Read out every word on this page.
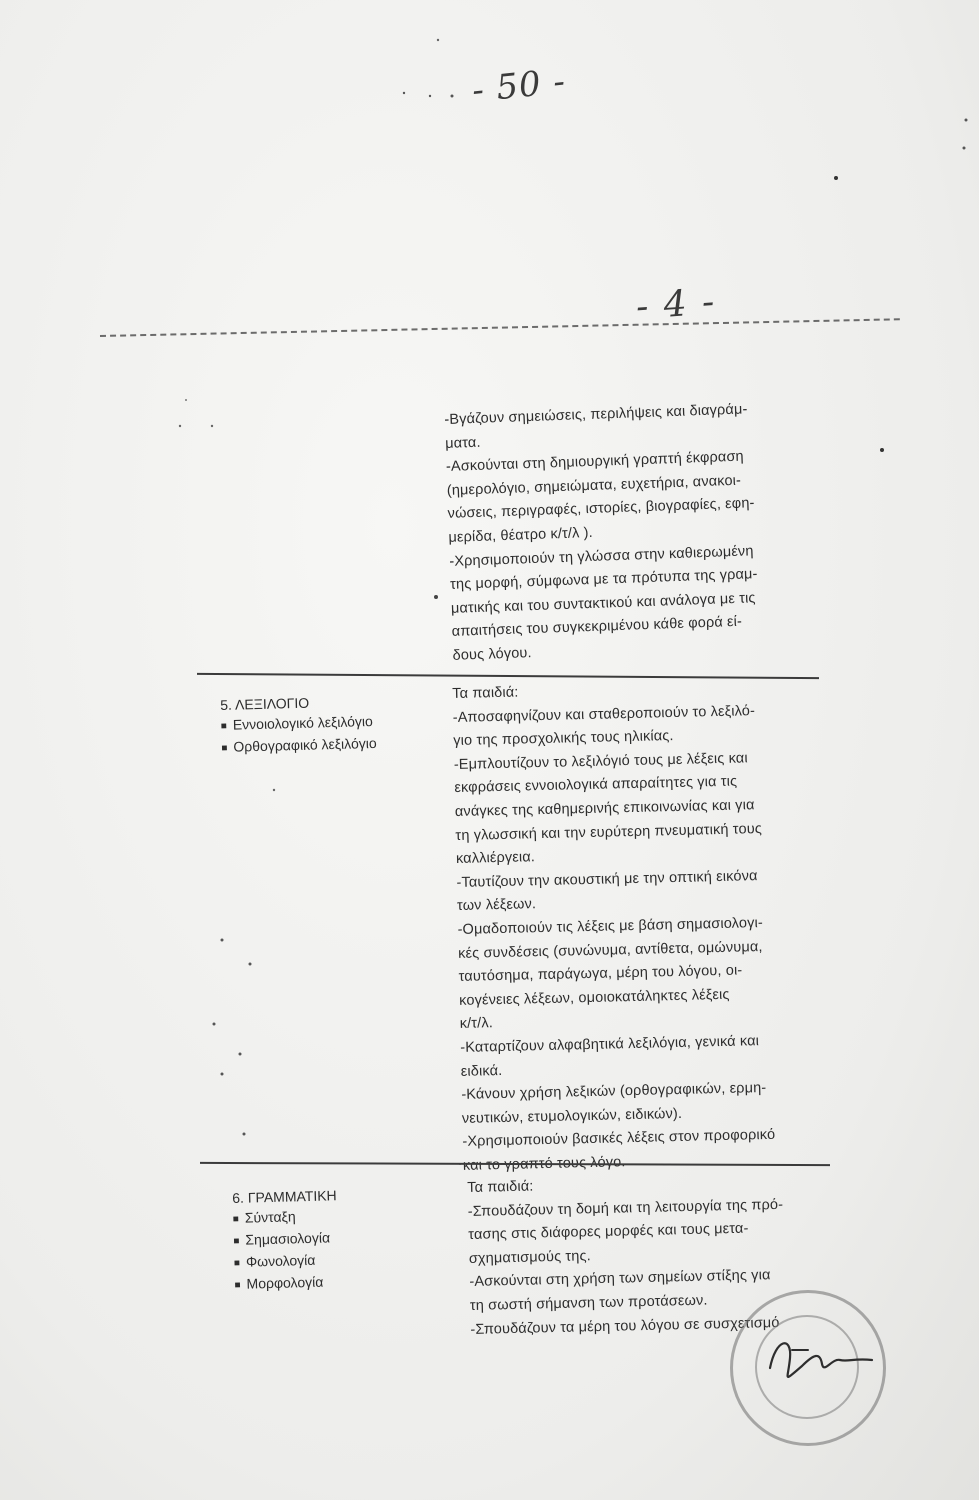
- 50 -
- 4 -

-Βγάζουν σημειώσεις, περιλήψεις και διαγράμ-

ματα.

-Ασκούνται στη δημιουργική γραπτή έκφραση

(ημερολόγιο, σημειώματα, ευχετήρια, ανακοι-

νώσεις, περιγραφές, ιστορίες, βιογραφίες, εφη-

μερίδα, θέατρο κ/τ/λ ).

-Χρησιμοποιούν τη γλώσσα στην καθιερωμένη

της μορφή, σύμφωνα με τα πρότυπα της γραμ-

ματικής και του συντακτικού και ανάλογα με τις

απαιτήσεις του συγκεκριμένου κάθε φορά εί-

δους λόγου.

5. ΛΕΞΙΛΟΓΙΟ

■ Εννοιολογικό λεξιλόγιο

■ Ορθογραφικό λεξιλόγιο

Τα παιδιά:

-Αποσαφηνίζουν και σταθεροποιούν το λεξιλό-

γιο της προσχολικής τους ηλικίας.

-Εμπλουτίζουν το λεξιλόγιό τους με λέξεις και

εκφράσεις εννοιολογικά απαραίτητες για τις

ανάγκες της καθημερινής επικοινωνίας και για

τη γλωσσική και την ευρύτερη πνευματική τους

καλλιέργεια.

-Ταυτίζουν την ακουστική με την οπτική εικόνα

των λέξεων.

-Ομαδοποιούν τις λέξεις με βάση σημασιολογι-

κές συνδέσεις (συνώνυμα, αντίθετα, ομώνυμα,

ταυτόσημα, παράγωγα, μέρη του λόγου, οι-

κογένειες λέξεων, ομοιοκατάληκτες λέξεις

κ/τ/λ.

-Καταρτίζουν αλφαβητικά λεξιλόγια, γενικά και

ειδικά.

-Κάνουν χρήση λεξικών (ορθογραφικών, ερμη-

νευτικών, ετυμολογικών, ειδικών).

-Χρησιμοποιούν βασικές λέξεις στον προφορικό

και το γραπτό τους λόγο.

6. ΓΡΑΜΜΑΤΙΚΗ

■ Σύνταξη

■ Σημασιολογία

■ Φωνολογία

■ Μορφολογία

Τα παιδιά:

-Σπουδάζουν τη δομή και τη λειτουργία της πρό-

τασης στις διάφορες μορφές και τους μετα-

σχηματισμούς της.

-Ασκούνται στη χρήση των σημείων στίξης για

τη σωστή σήμανση των προτάσεων.

-Σπουδάζουν τα μέρη του λόγου σε συσχετισμό
